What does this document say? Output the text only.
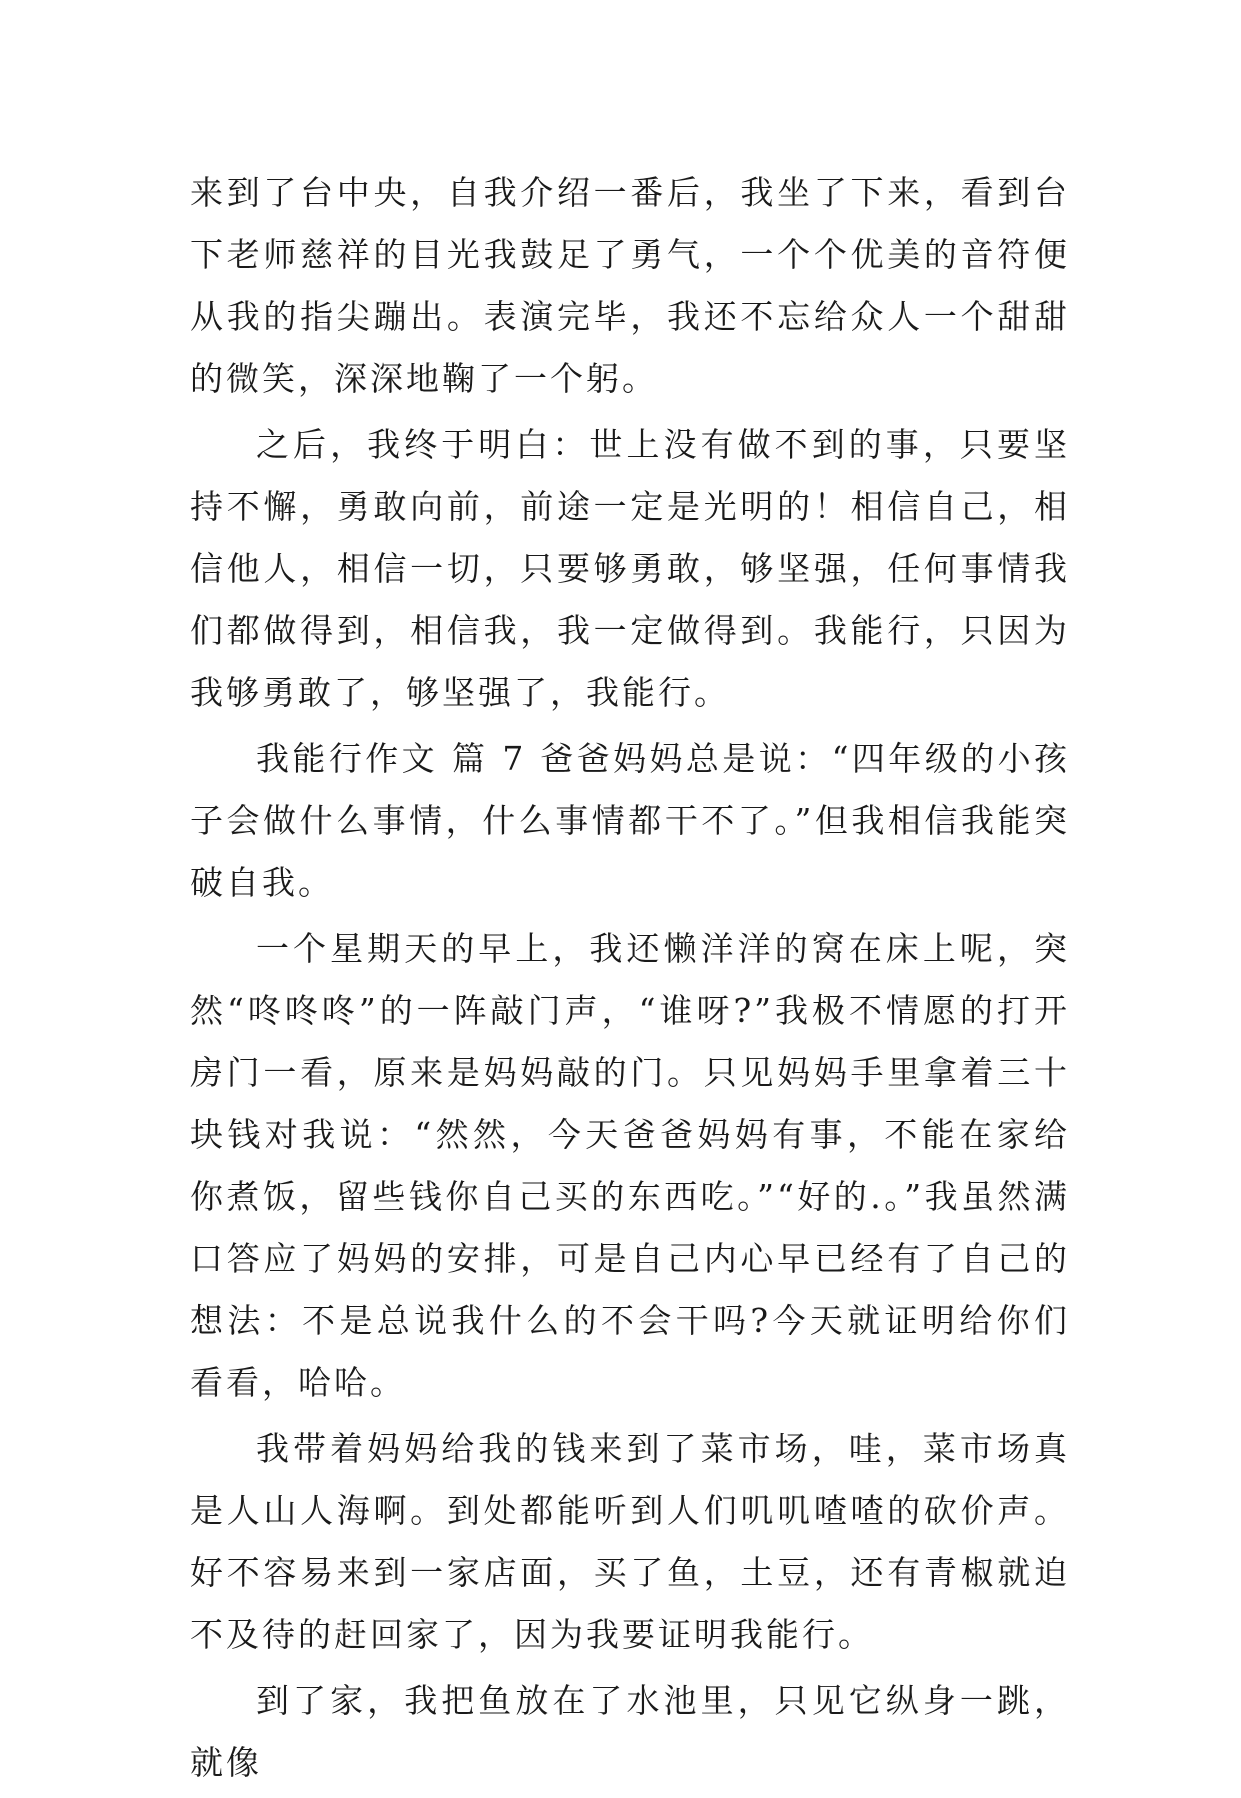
来到了台中央，自我介绍一番后，我坐了下来，看到台下老师慈祥的目光我鼓足了勇气，一个个优美的音符便从我的指尖蹦出。表演完毕，我还不忘给众人一个甜甜的微笑，深深地鞠了一个躬。

之后，我终于明白：世上没有做不到的事，只要坚持不懈，勇敢向前，前途一定是光明的！相信自己，相信他人，相信一切，只要够勇敢，够坚强，任何事情我们都做得到，相信我，我一定做得到。我能行，只因为我够勇敢了，够坚强了，我能行。

我能行作文 篇 7 爸爸妈妈总是说：“四年级的小孩子会做什么事情，什么事情都干不了。”但我相信我能突破自我。

一个星期天的早上，我还懒洋洋的窝在床上呢，突然“咚咚咚”的一阵敲门声，“谁呀?”我极不情愿的打开房门一看，原来是妈妈敲的门。只见妈妈手里拿着三十块钱对我说：“然然，今天爸爸妈妈有事，不能在家给你煮饭，留些钱你自己买的东西吃。”“好的.。”我虽然满口答应了妈妈的安排，可是自己内心早已经有了自己的想法：不是总说我什么的不会干吗?今天就证明给你们看看，哈哈。

我带着妈妈给我的钱来到了菜市场，哇，菜市场真是人山人海啊。到处都能听到人们叽叽喳喳的砍价声。好不容易来到一家店面，买了鱼，土豆，还有青椒就迫不及待的赶回家了，因为我要证明我能行。

到了家，我把鱼放在了水池里，只见它纵身一跳，就像
